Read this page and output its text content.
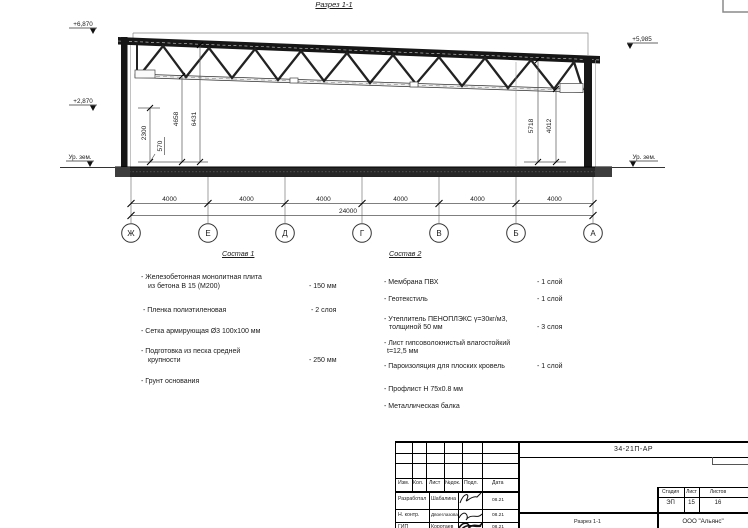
Разрез 1-1
2300
570
4658 6431	5718 4012
+6,870
+2,870
+5,985
Ур. зем.	Ур. зем.
4000	4000	4000	4000	4000	4000
24000
Ж	Е	Д	Г	В	Б	А
Состав 1
- Железобетонная монолитная плита
из бетона В 15 (М200)	- 150 мм
- Пленка полиэтиленовая	- 2 слоя
- Сетка армирующая Ø3 100х100 мм
- Подготовка из песка средней
крупности	- 250 мм
- Грунт основания
Состав 2
- Мембрана ПВХ	- 1 слой
- Геотекстиль	- 1 слой
- Утеплитель ПЕНОПЛЭКС γ=30кг/м3,
толщиной 50 мм	- 3 слоя
- Лист гипсоволокнистый влагостойкий
t=12,5 мм
- Пароизоляция для плоских кровель	- 1 слой
- Профлист Н 75х0.8 мм
- Металлическая балка
Изм. Кол. Лист №док. Подл.	Дата
Разработал Шабалина	08.21
Н. контр.	Двоеглазова	08.21
ГИП	Коротаев	08.21
34-21П-АР
Стадия	Лист	Листов
ЭП	15	16
Разрез 1-1	ООО "Альянс"
